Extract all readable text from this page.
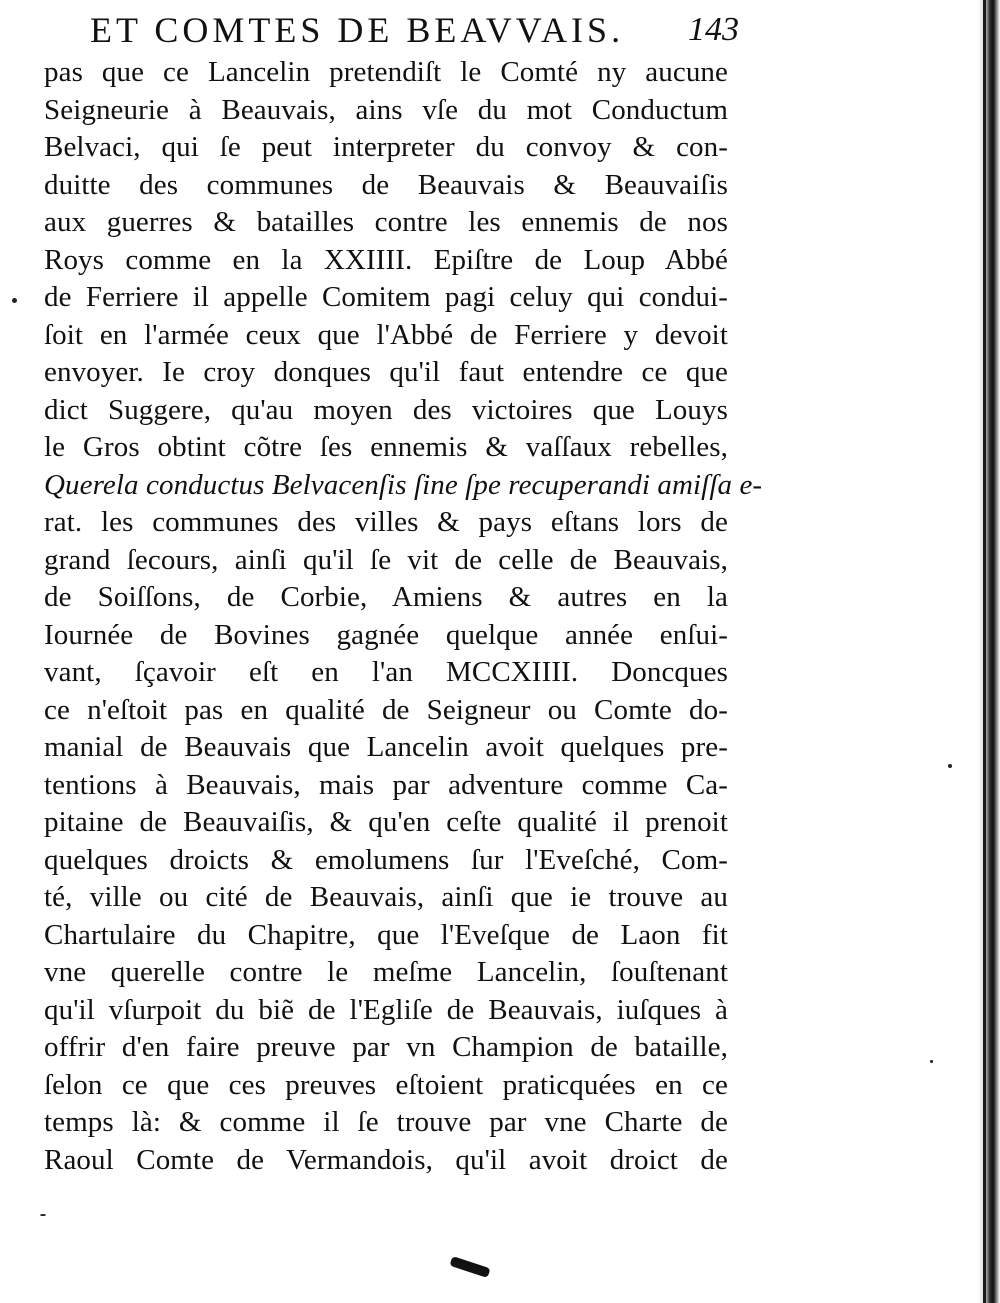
ET COMTES DE BEAVVAIS. 143
pas que ce Lancelin pretendiſt le Comté ny aucune
Seigneurie à Beauvais, ains vſe du mot Conductum
Belvaci, qui ſe peut interpreter du convoy & con-
duitte des communes de Beauvais & Beauvaiſis
aux guerres & batailles contre les ennemis de nos
Roys comme en la XXIIII. Epiſtre de Loup Abbé
de Ferriere il appelle Comitem pagi celuy qui condui-
ſoit en l'armée ceux que l'Abbé de Ferriere y devoit
envoyer. Ie croy donques qu'il faut entendre ce que
dict Suggere, qu'au moyen des victoires que Louys
le Gros obtint cõtre ſes ennemis & vaſſaux rebelles,
Querela conductus Belvacenſis ſine ſpe recuperandi amiſſa e-
rat. les communes des villes & pays eſtans lors de
grand ſecours, ainſi qu'il ſe vit de celle de Beauvais,
de Soiſſons, de Corbie, Amiens & autres en la
Iournée de Bovines gagnée quelque année enſui-
vant, ſçavoir eſt en l'an MCCXIIII. Doncques
ce n'eſtoit pas en qualité de Seigneur ou Comte do-
manial de Beauvais que Lancelin avoit quelques pre-
tentions à Beauvais, mais par adventure comme Ca-
pitaine de Beauvaiſis, & qu'en ceſte qualité il prenoit
quelques droicts & emolumens ſur l'Eveſché, Com-
té, ville ou cité de Beauvais, ainſi que ie trouve au
Chartulaire du Chapitre, que l'Eveſque de Laon fit
vne querelle contre le meſme Lancelin, ſouſtenant
qu'il vſurpoit du biẽ de l'Egliſe de Beauvais, iuſques à
offrir d'en faire preuve par vn Champion de bataille,
ſelon ce que ces preuves eſtoient praticquées en ce
temps là: & comme il ſe trouve par vne Charte de
Raoul Comte de Vermandois, qu'il avoit droict de
